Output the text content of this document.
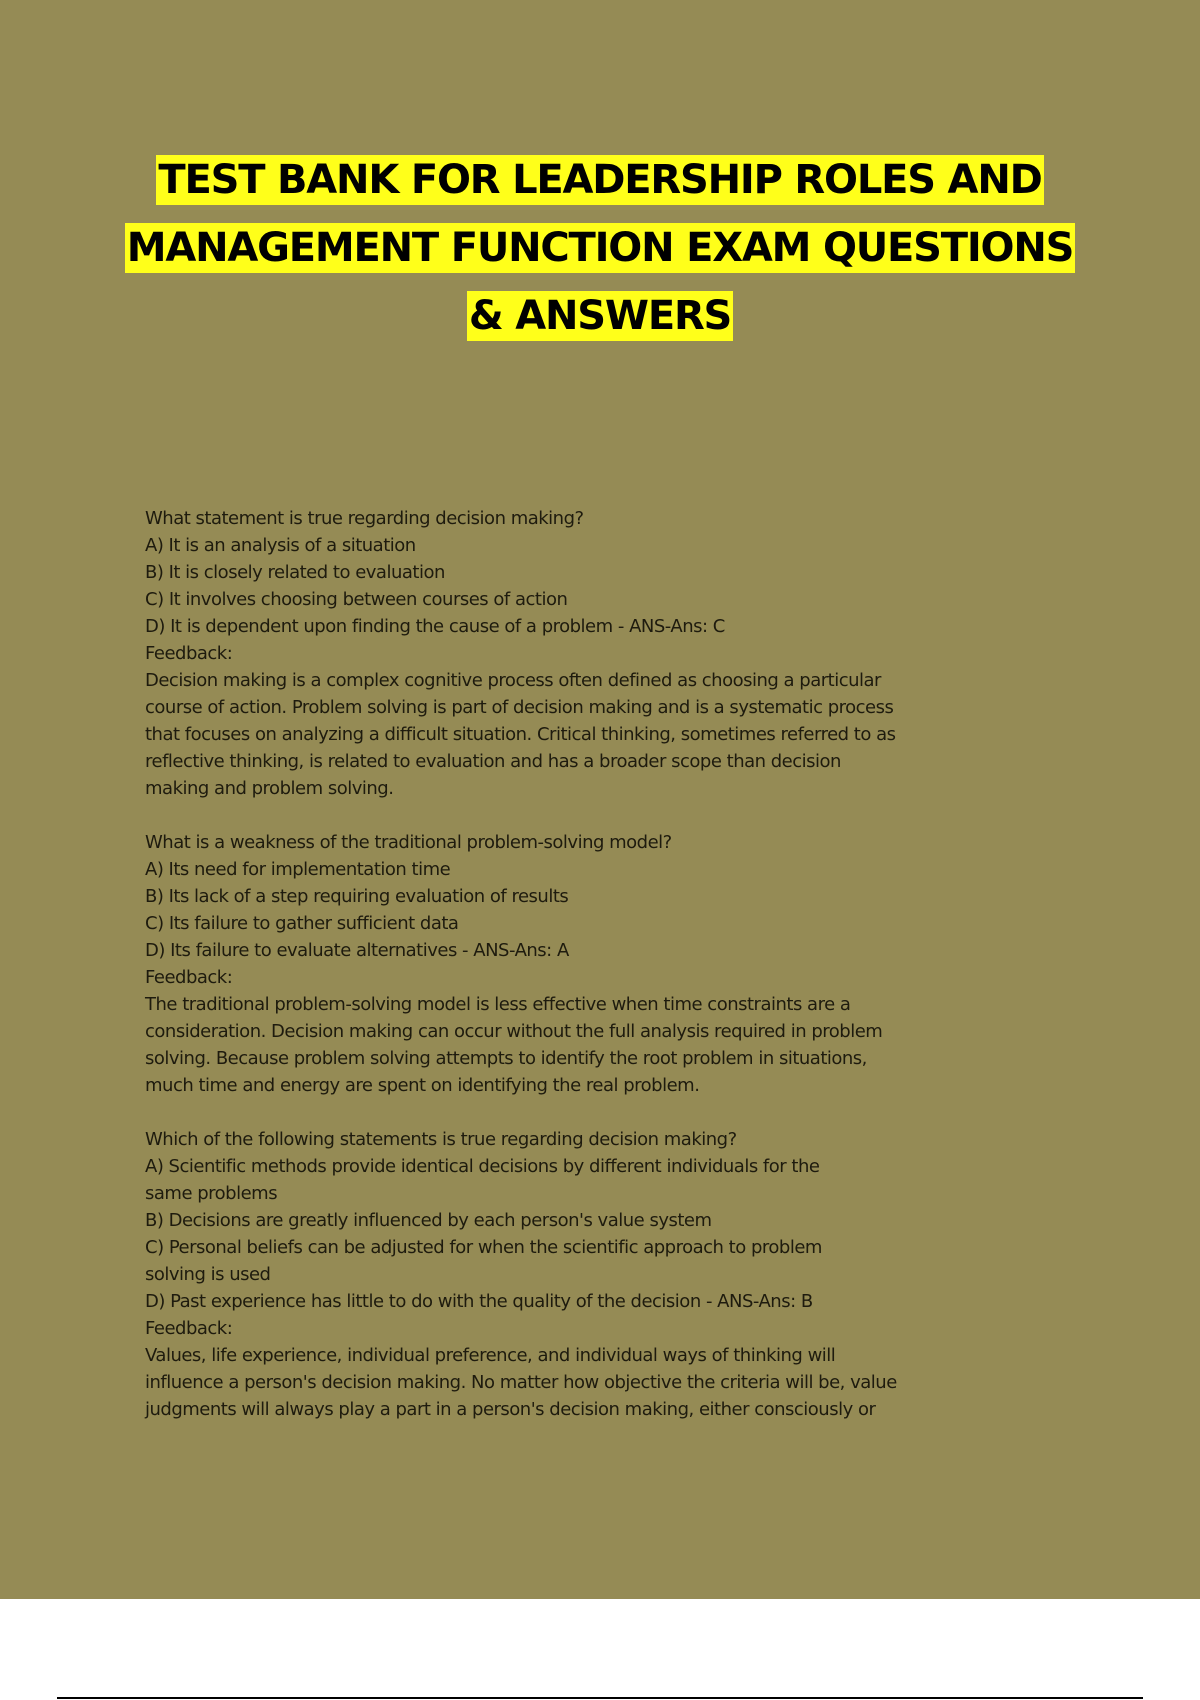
TEST BANK FOR LEADERSHIP ROLES AND
MANAGEMENT FUNCTION EXAM QUESTIONS
& ANSWERS
What statement is true regarding decision making?
A) It is an analysis of a situation
B) It is closely related to evaluation
C) It involves choosing between courses of action
D) It is dependent upon finding the cause of a problem - ANS-Ans: C
Feedback:
Decision making is a complex cognitive process often defined as choosing a particular
course of action. Problem solving is part of decision making and is a systematic process
that focuses on analyzing a difficult situation. Critical thinking, sometimes referred to as
reflective thinking, is related to evaluation and has a broader scope than decision
making and problem solving.
What is a weakness of the traditional problem-solving model?
A) Its need for implementation time
B) Its lack of a step requiring evaluation of results
C) Its failure to gather sufficient data
D) Its failure to evaluate alternatives - ANS-Ans: A
Feedback:
The traditional problem-solving model is less effective when time constraints are a
consideration. Decision making can occur without the full analysis required in problem
solving. Because problem solving attempts to identify the root problem in situations,
much time and energy are spent on identifying the real problem.
Which of the following statements is true regarding decision making?
A) Scientific methods provide identical decisions by different individuals for the
same problems
B) Decisions are greatly influenced by each person's value system
C) Personal beliefs can be adjusted for when the scientific approach to problem
solving is used
D) Past experience has little to do with the quality of the decision - ANS-Ans: B
Feedback:
Values, life experience, individual preference, and individual ways of thinking will
influence a person's decision making. No matter how objective the criteria will be, value
judgments will always play a part in a person's decision making, either consciously or
